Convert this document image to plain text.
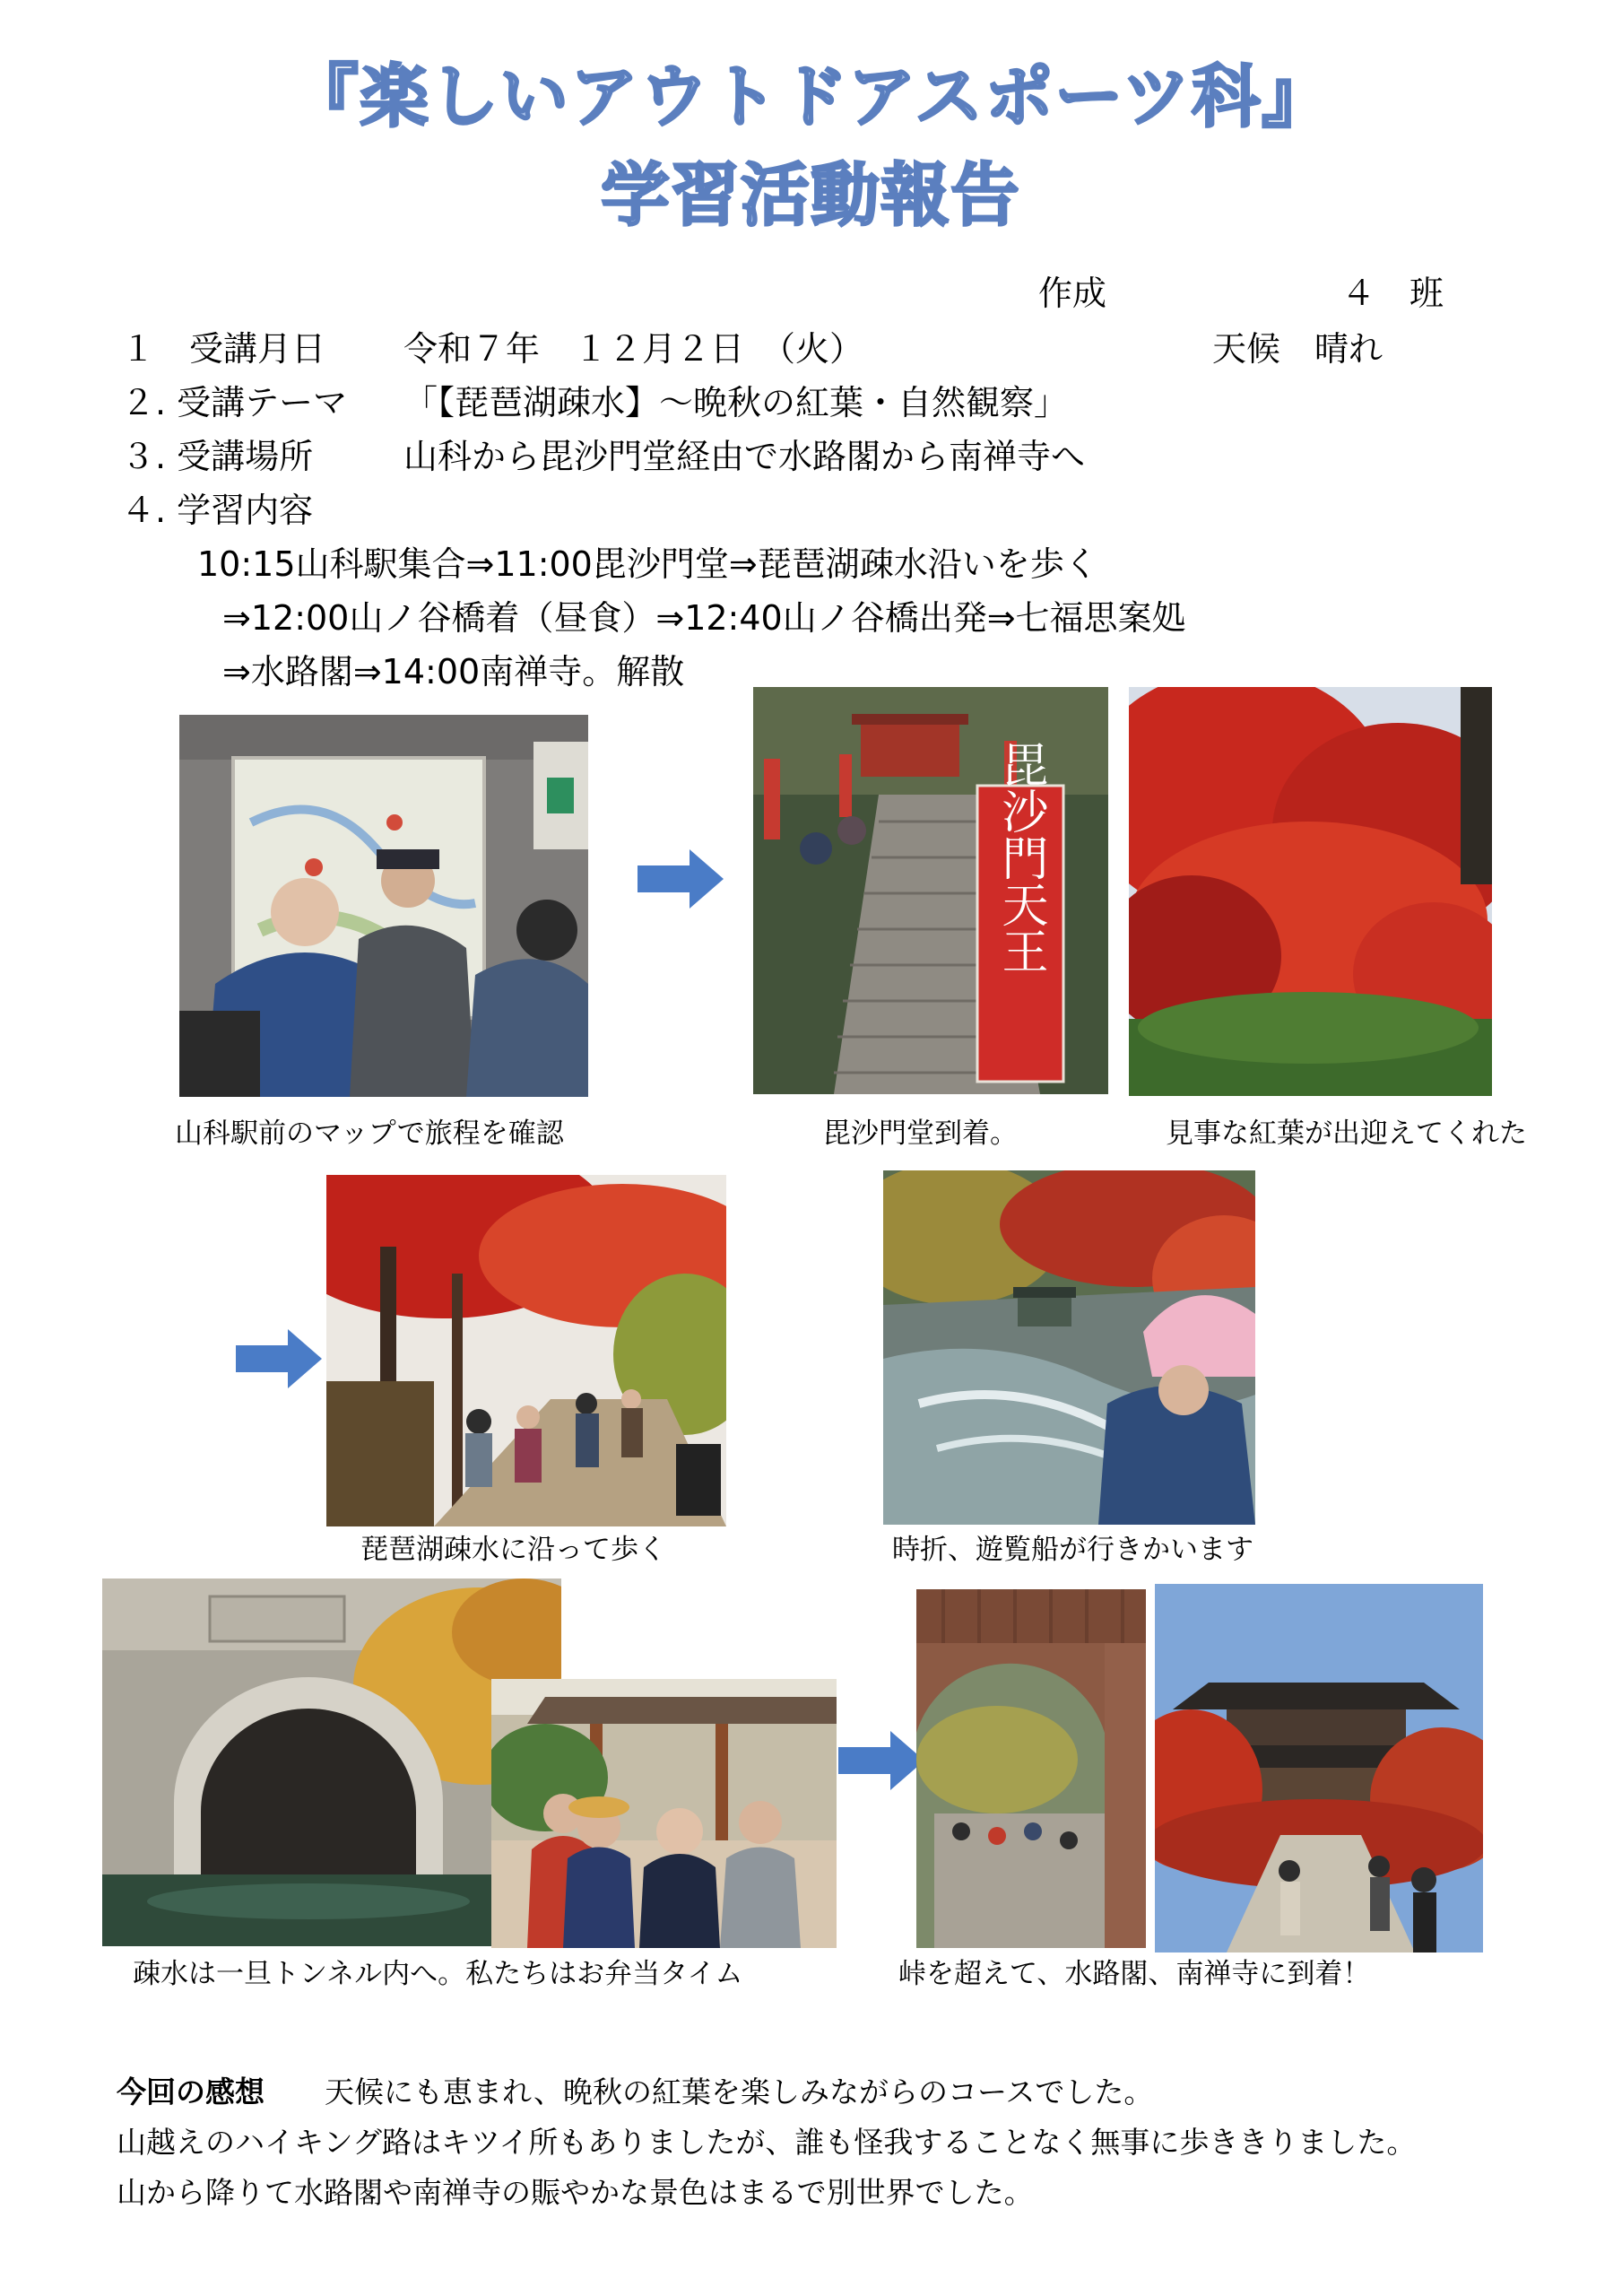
『楽しいアウトドアスポーツ科』
学習活動報告
作成	４　班
１　受講月日 令和７年　１２月２日　（火）	天候　晴れ
２. 受講テーマ 「【琵琶湖疎水】～晩秋の紅葉・自然観察」
３. 受講場所	山科から毘沙門堂経由で水路閣から南禅寺へ
４. 学習内容
10:15山科駅集合⇒11:00毘沙門堂⇒琵琶湖疎水沿いを歩く
⇒12:00山ノ谷橋着（昼食）⇒12:40山ノ谷橋出発⇒七福思案処
⇒水路閣⇒14:00南禅寺。解散
毘沙門天王
山科駅前のマップで旅程を確認	毘沙門堂到着。	見事な紅葉が出迎えてくれた
琵琶湖疎水に沿って歩く	時折、遊覧船が行きかいます
疎水は一旦トンネル内へ。私たちはお弁当タイム	峠を超えて、水路閣、南禅寺に到着！
今回の感想 天候にも恵まれ、晩秋の紅葉を楽しみながらのコースでした。
山越えのハイキング路はキツイ所もありましたが、誰も怪我することなく無事に歩ききりました。
山から降りて水路閣や南禅寺の賑やかな景色はまるで別世界でした。
